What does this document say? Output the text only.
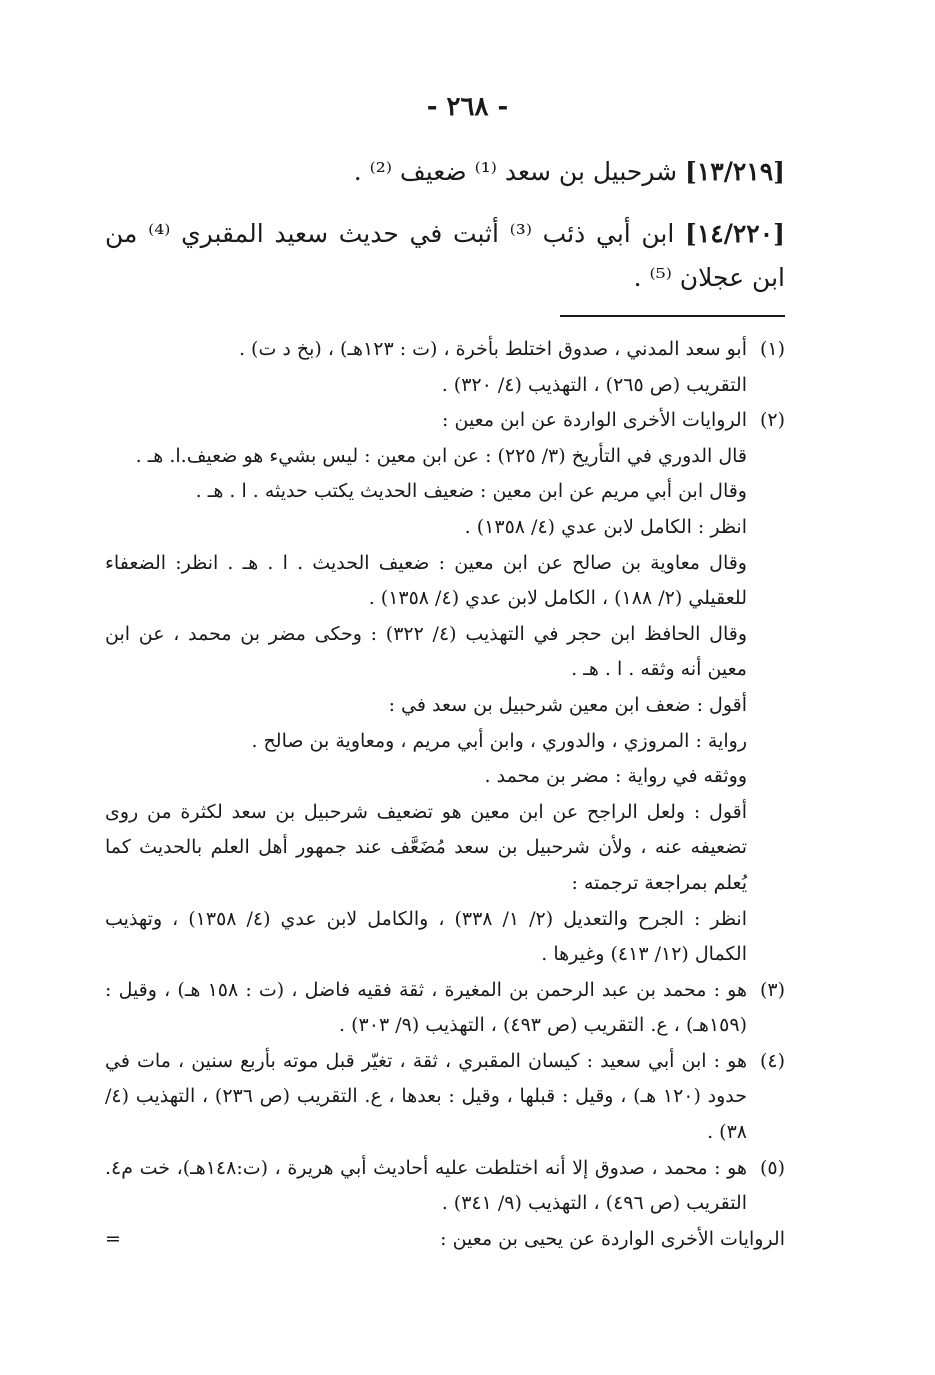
- ٢٦٨ -
[١٣/٢١٩] شرحبيل بن سعد ⁽¹⁾ ضعيف ⁽²⁾ .
[١٤/٢٢٠] ابن أبي ذئب ⁽³⁾ أثبت في حديث سعيد المقبري ⁽⁴⁾ من ابن عجلان ⁽⁵⁾ .
(١)

أبو سعد المدني ، صدوق اختلط بأخرة ، (ت : ١٢٣هـ) ، (بخ د ت) .

التقريب (ص ٢٦٥) ، التهذيب (٤/ ٣٢٠) .

(٢)

الروايات الأخرى الواردة عن ابن معين :

قال الدوري في التأريخ (٣/ ٢٢٥) : عن ابن معين : ليس بشيء هو ضعيف.ا. هـ .

وقال ابن أبي مريم عن ابن معين : ضعيف الحديث يكتب حديثه . ا . هـ .

انظر : الكامل لابن عدي (٤/ ١٣٥٨) .

وقال معاوية بن صالح عن ابن معين : ضعيف الحديث . ا . هـ . انظر: الضعفاء للعقيلي (٢/ ١٨٨) ، الكامل لابن عدي (٤/ ١٣٥٨) .

وقال الحافظ ابن حجر في التهذيب (٤/ ٣٢٢) : وحكى مضر بن محمد ، عن ابن معين أنه وثقه . ا . هـ .

أقول : ضعف ابن معين شرحبيل بن سعد في :

رواية : المروزي ، والدوري ، وابن أبي مريم ، ومعاوية بن صالح .

ووثقه في رواية : مضر بن محمد .

أقول : ولعل الراجح عن ابن معين هو تضعيف شرحبيل بن سعد لكثرة من روى تضعيفه عنه ، ولأن شرحبيل بن سعد مُضَعَّف عند جمهور أهل العلم بالحديث كما يُعلم بمراجعة ترجمته :

انظر : الجرح والتعديل (٢/ ١/ ٣٣٨) ، والكامل لابن عدي (٤/ ١٣٥٨) ، وتهذيب الكمال (١٢/ ٤١٣) وغيرها .

(٣)

هو : محمد بن عبد الرحمن بن المغيرة ، ثقة فقيه فاضل ، (ت : ١٥٨ هـ) ، وقيل : (١٥٩هـ) ، ع. التقريب (ص ٤٩٣) ، التهذيب (٩/ ٣٠٣) .

(٤)

هو : ابن أبي سعيد : كيسان المقبري ، ثقة ، تغيّر قبل موته بأربع سنين ، مات في حدود (١٢٠ هـ) ، وقيل : قبلها ، وقيل : بعدها ، ع. التقريب (ص ٢٣٦) ، التهذيب (٤/ ٣٨) .

(٥)

هو : محمد ، صدوق إلا أنه اختلطت عليه أحاديث أبي هريرة ، (ت:١٤٨هـ)، خت م٤. التقريب (ص ٤٩٦) ، التهذيب (٩/ ٣٤١) .

الروايات الأخرى الواردة عن يحيى بن معين :
=
